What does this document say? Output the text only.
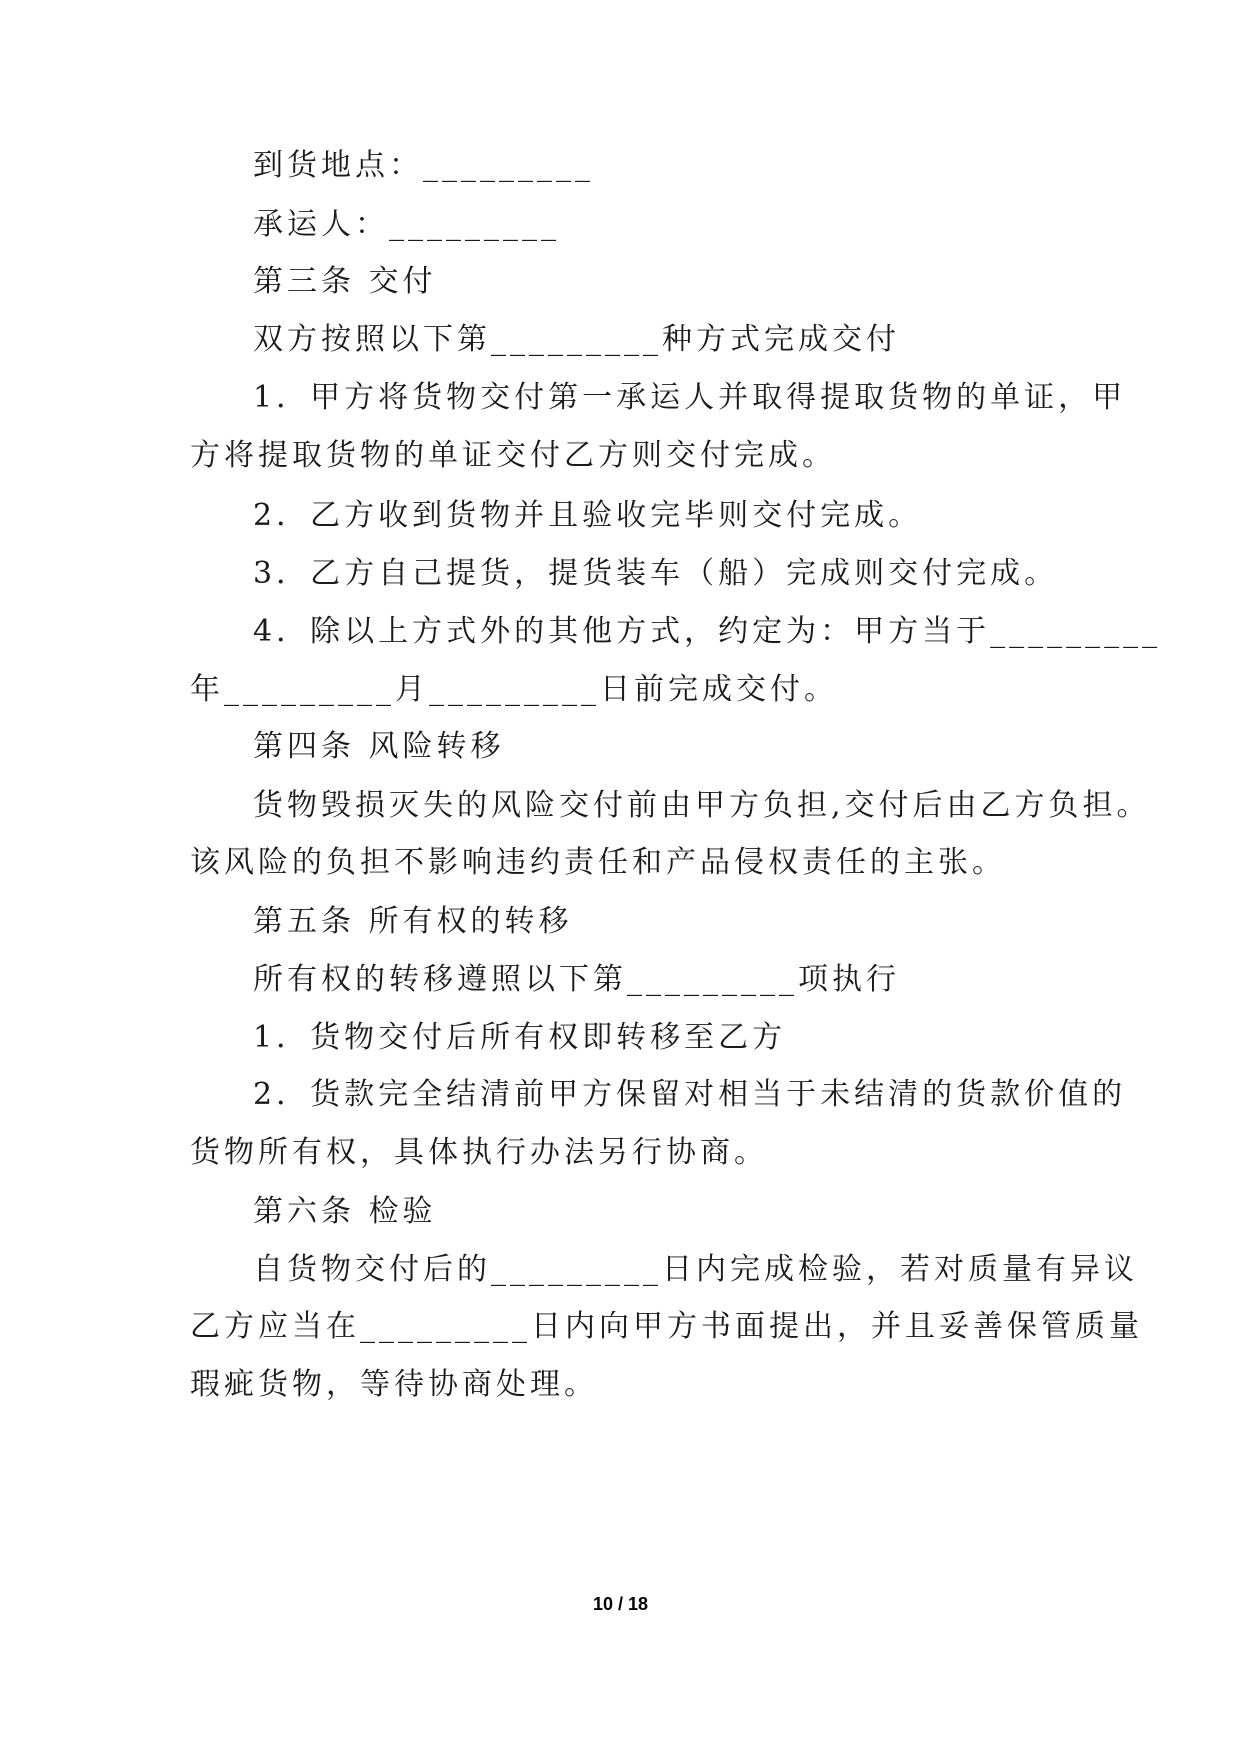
到货地点：_________

承运人：_________

第三条 交付

双方按照以下第_________种方式完成交付

1．甲方将货物交付第一承运人并取得提取货物的单证，甲

方将提取货物的单证交付乙方则交付完成。

2．乙方收到货物并且验收完毕则交付完成。

3．乙方自己提货，提货装车（船）完成则交付完成。

4．除以上方式外的其他方式，约定为：甲方当于_________

年_________月_________日前完成交付。

第四条 风险转移

货物毁损灭失的风险交付前由甲方负担,交付后由乙方负担。

该风险的负担不影响违约责任和产品侵权责任的主张。

第五条 所有权的转移

所有权的转移遵照以下第_________项执行

1．货物交付后所有权即转移至乙方

2．货款完全结清前甲方保留对相当于未结清的货款价值的

货物所有权，具体执行办法另行协商。

第六条 检验

自货物交付后的_________日内完成检验，若对质量有异议

乙方应当在_________日内向甲方书面提出，并且妥善保管质量

瑕疵货物，等待协商处理。

10 / 18
